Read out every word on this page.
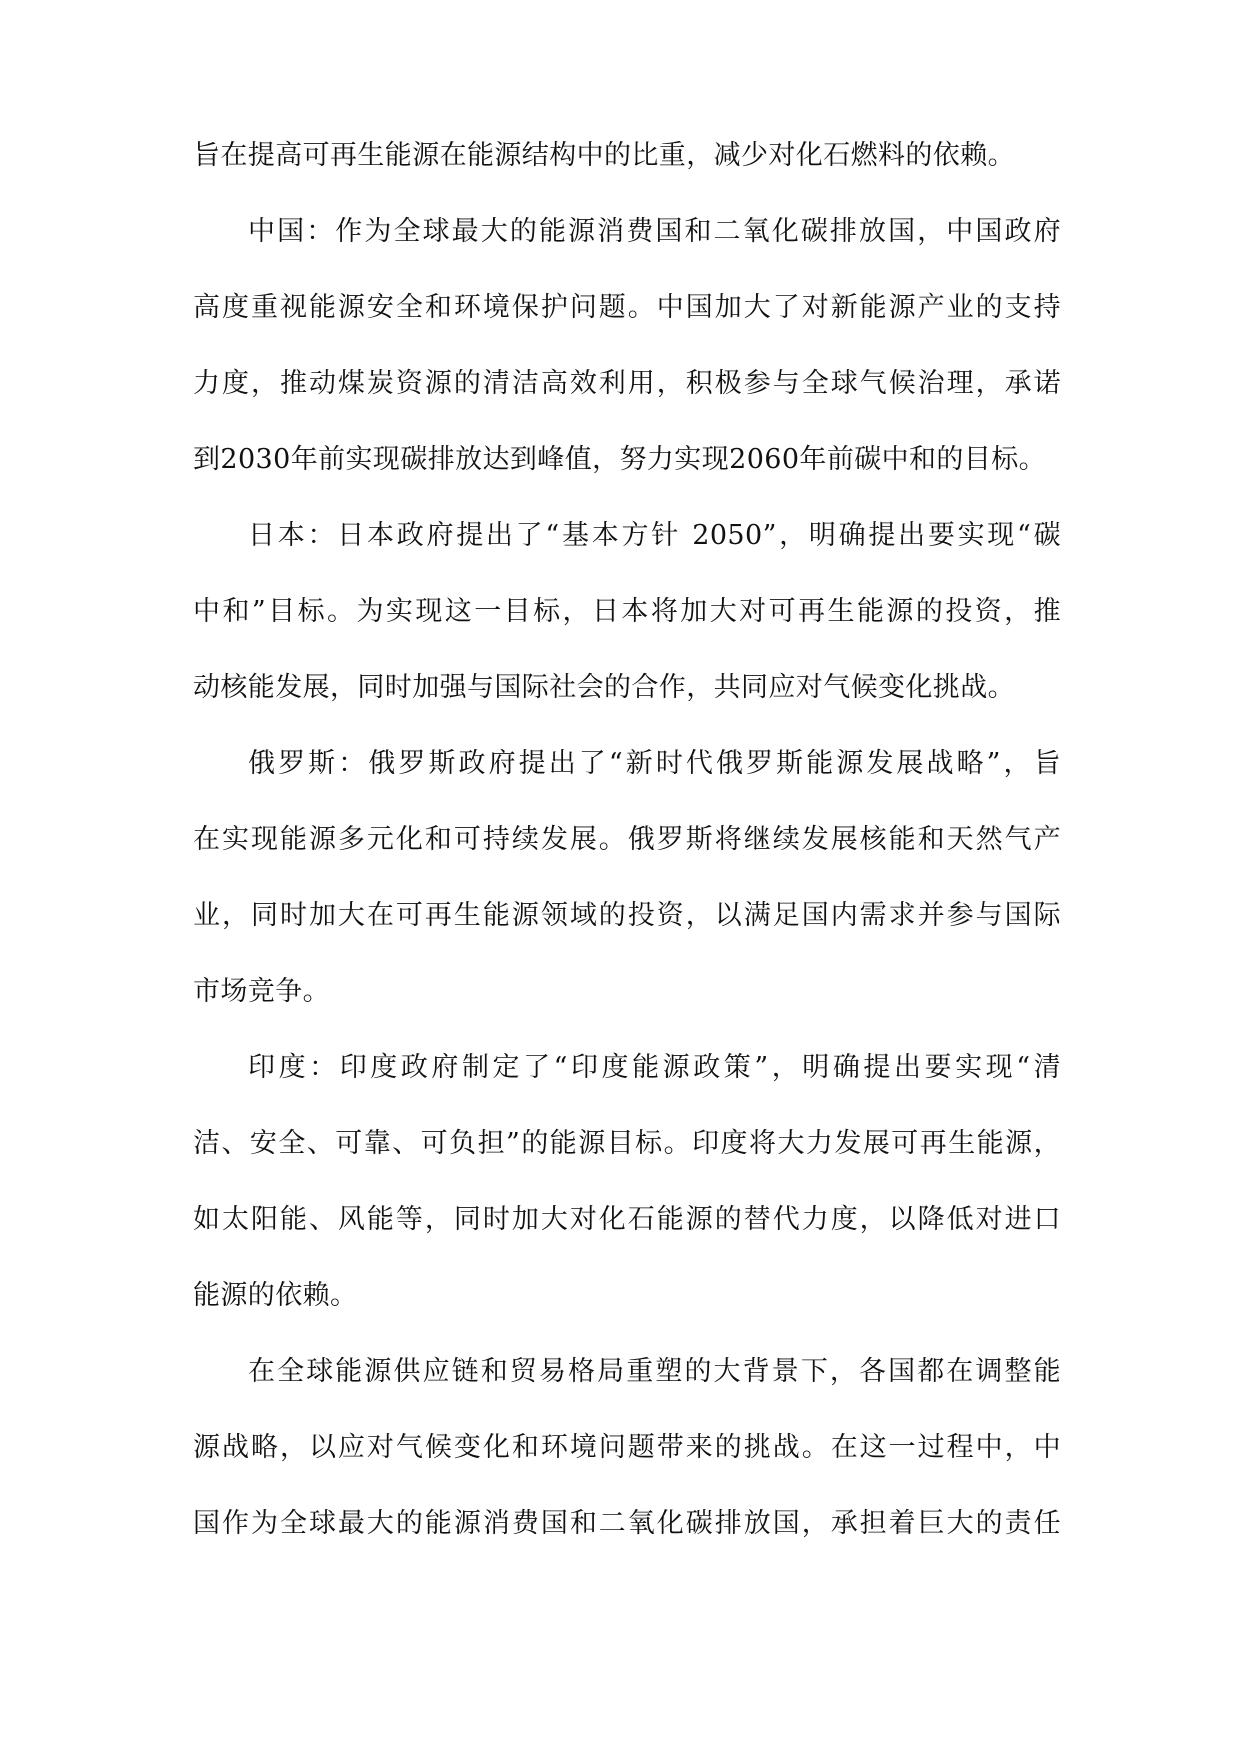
旨在提高可再生能源在能源结构中的比重，减少对化石燃料的依赖。
中国：作为全球最大的能源消费国和二氧化碳排放国，中国政府
高度重视能源安全和环境保护问题。中国加大了对新能源产业的支持
力度，推动煤炭资源的清洁高效利用，积极参与全球气候治理，承诺
到2030年前实现碳排放达到峰值，努力实现2060年前碳中和的目标。
日本：日本政府提出了“基本方针 2050”，明确提出要实现“碳
中和”目标。为实现这一目标，日本将加大对可再生能源的投资，推
动核能发展，同时加强与国际社会的合作，共同应对气候变化挑战。
俄罗斯：俄罗斯政府提出了“新时代俄罗斯能源发展战略”，旨
在实现能源多元化和可持续发展。俄罗斯将继续发展核能和天然气产
业，同时加大在可再生能源领域的投资，以满足国内需求并参与国际
市场竞争。
印度：印度政府制定了“印度能源政策”，明确提出要实现“清
洁、安全、可靠、可负担”的能源目标。印度将大力发展可再生能源，
如太阳能、风能等，同时加大对化石能源的替代力度，以降低对进口
能源的依赖。
在全球能源供应链和贸易格局重塑的大背景下，各国都在调整能
源战略，以应对气候变化和环境问题带来的挑战。在这一过程中，中
国作为全球最大的能源消费国和二氧化碳排放国，承担着巨大的责任
